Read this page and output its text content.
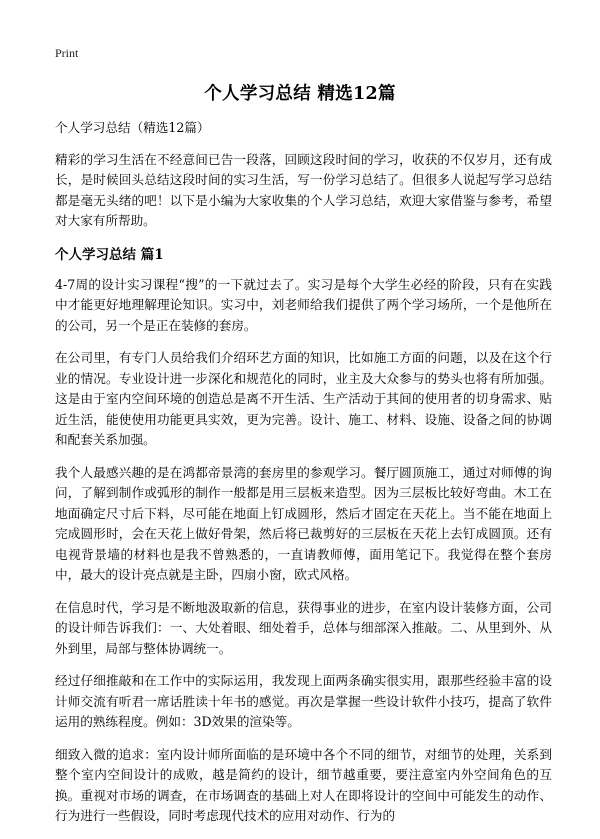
Print
个人学习总结 精选12篇

个人学习总结（精选12篇）

精彩的学习生活在不经意间已告一段落，回顾这段时间的学习，收获的不仅岁月，还有成长，是时候回头总结这段时间的实习生活，写一份学习总结了。但很多人说起写学习总结都是毫无头绪的吧！以下是小编为大家收集的个人学习总结，欢迎大家借鉴与参考，希望对大家有所帮助。

个人学习总结 篇1

4-7周的设计实习课程“搜”的一下就过去了。实习是每个大学生必经的阶段，只有在实践中才能更好地理解理论知识。实习中，刘老师给我们提供了两个学习场所，一个是他所在的公司，另一个是正在装修的套房。

在公司里，有专门人员给我们介绍环艺方面的知识，比如施工方面的问题，以及在这个行业的情况。专业设计进一步深化和规范化的同时，业主及大众参与的势头也将有所加强。这是由于室内空间环境的创造总是离不开生活、生产活动于其间的使用者的切身需求、贴近生活，能使使用功能更具实效，更为完善。设计、施工、材料、设施、设备之间的协调和配套关系加强。

我个人最感兴趣的是在鸿都帝景湾的套房里的参观学习。餐厅圆顶施工，通过对师傅的询问，了解到制作或弧形的制作一般都是用三层板来造型。因为三层板比较好弯曲。木工在地面确定尺寸后下料，尽可能在地面上钉成圆形，然后才固定在天花上。当不能在地面上完成圆形时，会在天花上做好骨架，然后将已裁剪好的三层板在天花上去钉成圆顶。还有电视背景墙的材料也是我不曾熟悉的，一直请教师傅，面用笔记下。我觉得在整个套房中，最大的设计亮点就是主卧，四扇小窗，欧式风格。

在信息时代，学习是不断地汲取新的信息，获得事业的进步，在室内设计装修方面，公司的设计师告诉我们：一、大处着眼、细处着手，总体与细部深入推敲。二、从里到外、从外到里，局部与整体协调统一。

经过仔细推敲和在工作中的实际运用，我发现上面两条确实很实用，跟那些经验丰富的设计师交流有听君一席话胜读十年书的感觉。再次是掌握一些设计软件小技巧，提高了软件运用的熟练程度。例如：3D效果的渲染等。

细致入微的追求：室内设计师所面临的是环境中各个不同的细节，对细节的处理，关系到整个室内空间设计的成败，越是简约的设计，细节越重要，要注意室内外空间角色的互换。重视对市场的调查，在市场调查的基础上对人在即将设计的空间中可能发生的动作、行为进行一些假设，同时考虑现代技术的应用对动作、行为的
